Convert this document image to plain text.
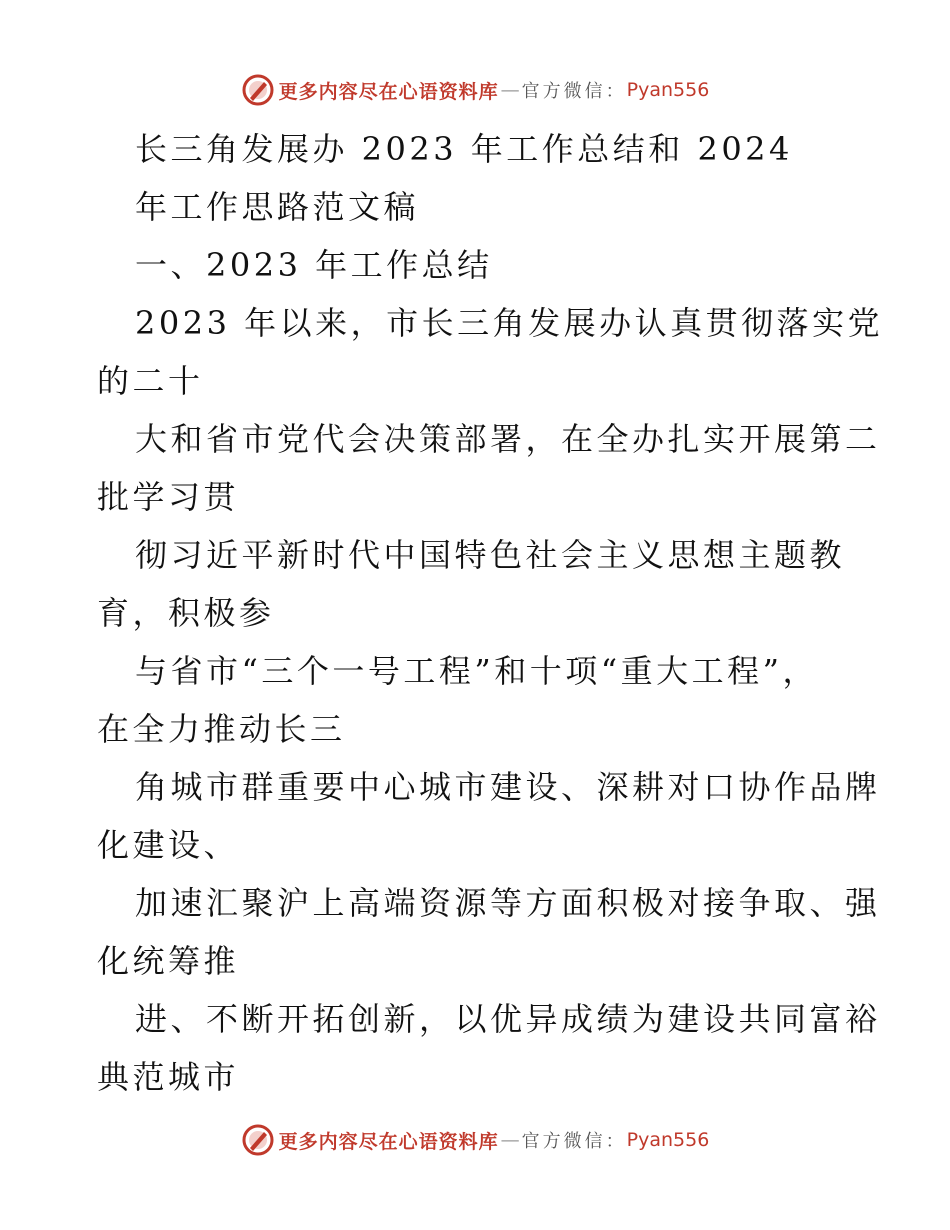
更多内容尽在心语资料库 — 官方微信： Pyan556
长三角发展办 2023 年工作总结和 2024
年工作思路范文稿
一、2023 年工作总结
2023 年以来，市长三角发展办认真贯彻落实党
的二十
大和省市党代会决策部署，在全办扎实开展第二
批学习贯
彻习近平新时代中国特色社会主义思想主题教
育，积极参
与省市“三个一号工程”和十项“重大工程”，
在全力推动长三
角城市群重要中心城市建设、深耕对口协作品牌
化建设、
加速汇聚沪上高端资源等方面积极对接争取、强
化统筹推
进、不断开拓创新，以优异成绩为建设共同富裕
典范城市
更多内容尽在心语资料库 — 官方微信： Pyan556
